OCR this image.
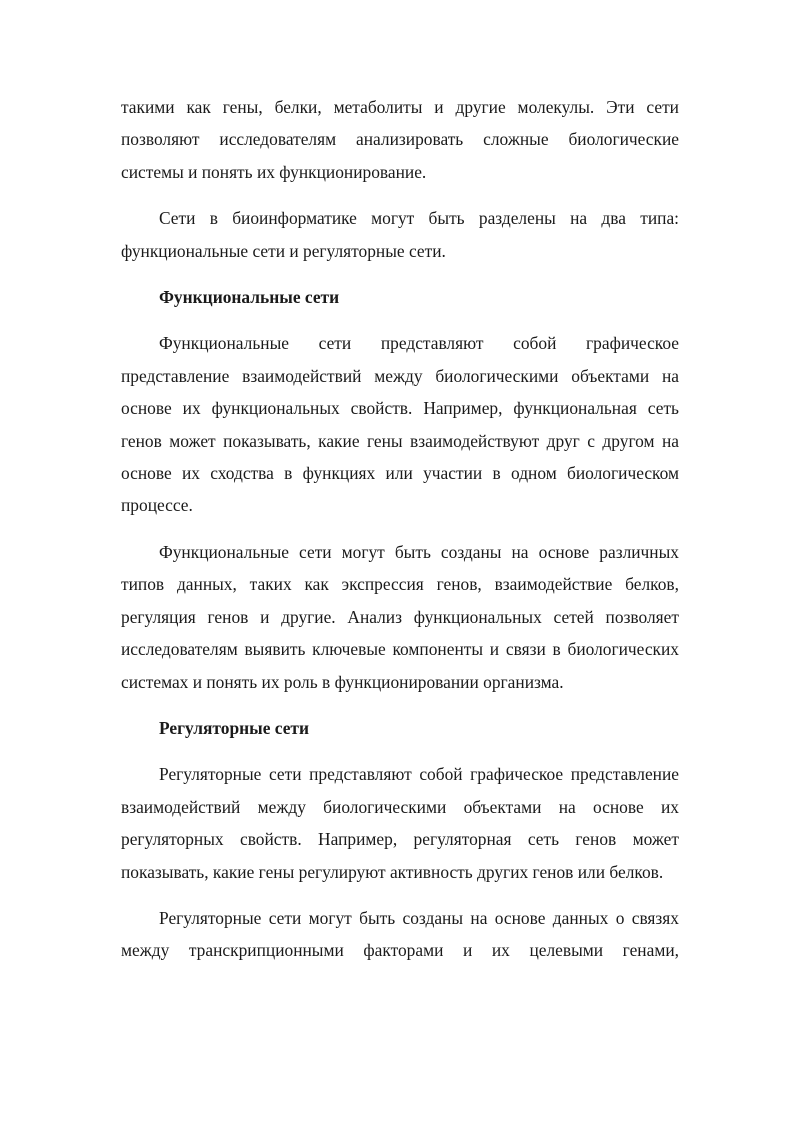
такими как гены, белки, метаболиты и другие молекулы. Эти сети позволяют исследователям анализировать сложные биологические системы и понять их функционирование.

Сети в биоинформатике могут быть разделены на два типа: функциональные сети и регуляторные сети.

Функциональные сети

Функциональные сети представляют собой графическое представление взаимодействий между биологическими объектами на основе их функциональных свойств. Например, функциональная сеть генов может показывать, какие гены взаимодействуют друг с другом на основе их сходства в функциях или участии в одном биологическом процессе.

Функциональные сети могут быть созданы на основе различных типов данных, таких как экспрессия генов, взаимодействие белков, регуляция генов и другие. Анализ функциональных сетей позволяет исследователям выявить ключевые компоненты и связи в биологических системах и понять их роль в функционировании организма.

Регуляторные сети

Регуляторные сети представляют собой графическое представление взаимодействий между биологическими объектами на основе их регуляторных свойств. Например, регуляторная сеть генов может показывать, какие гены регулируют активность других генов или белков.

Регуляторные сети могут быть созданы на основе данных о связях между транскрипционными факторами и их целевыми генами,
